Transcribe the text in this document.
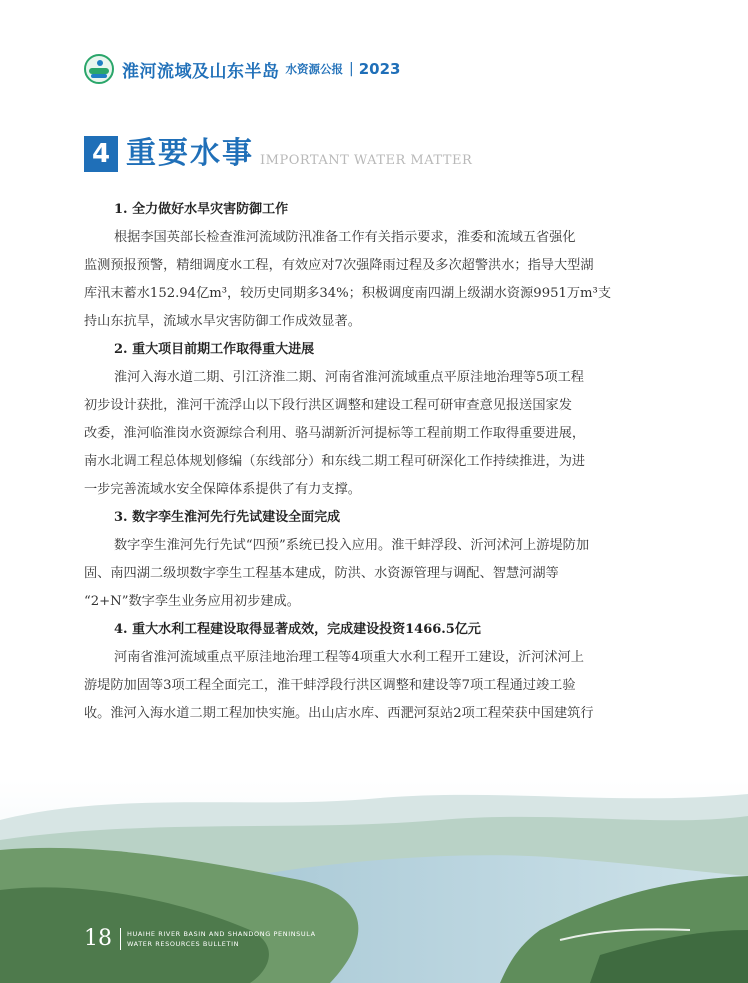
淮河流域及山东半岛 水资源公报 | 2023
4 重要水事 IMPORTANT WATER MATTER
1. 全力做好水旱灾害防御工作
根据李国英部长检查淮河流域防汛准备工作有关指示要求，淮委和流域五省强化
监测预报预警，精细调度水工程，有效应对7次强降雨过程及多次超警洪水；指导大型湖
库汛末蓄水152.94亿m³，较历史同期多34%；积极调度南四湖上级湖水资源9951万m³支
持山东抗旱，流域水旱灾害防御工作成效显著。
2. 重大项目前期工作取得重大进展
淮河入海水道二期、引江济淮二期、河南省淮河流域重点平原洼地治理等5项工程
初步设计获批，淮河干流浮山以下段行洪区调整和建设工程可研审查意见报送国家发
改委，淮河临淮岗水资源综合利用、骆马湖新沂河提标等工程前期工作取得重要进展，
南水北调工程总体规划修编（东线部分）和东线二期工程可研深化工作持续推进，为进
一步完善流域水安全保障体系提供了有力支撑。
3. 数字孪生淮河先行先试建设全面完成
数字孪生淮河先行先试“四预”系统已投入应用。淮干蚌浮段、沂河沭河上游堤防加
固、南四湖二级坝数字孪生工程基本建成，防洪、水资源管理与调配、智慧河湖等
“2+N”数字孪生业务应用初步建成。
4. 重大水利工程建设取得显著成效，完成建设投资1466.5亿元
河南省淮河流域重点平原洼地治理工程等4项重大水利工程开工建设，沂河沭河上
游堤防加固等3项工程全面完工，淮干蚌浮段行洪区调整和建设等7项工程通过竣工验
收。淮河入海水道二期工程加快实施。出山店水库、西淝河泵站2项工程荣获中国建筑行
18 HUAIHE RIVER BASIN AND SHANDONG PENINSULA
WATER RESOURCES BULLETIN
